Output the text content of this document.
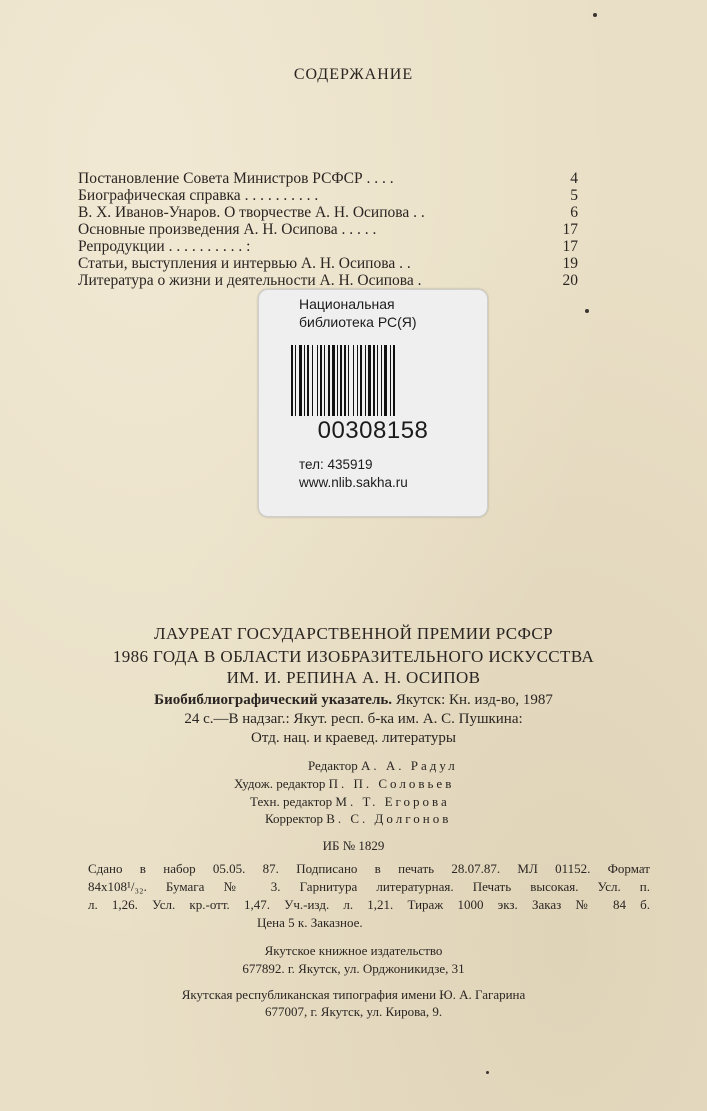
СОДЕРЖАНИЕ
Постановление Совета Министров РСФСР . . . .	4
Биографическая справка . . . . . . . . . .	5
В. Х. Иванов-Унаров. О творчестве А. Н. Осипова . .	6
Основные произведения А. Н. Осипова . . . . .	17
Репродукции . . . . . . . . . . :	17
Статьи, выступления и интервью А. Н. Осипова . .	19
Литература о жизни и деятельности А. Н. Осипова .	20
Национальная
библиотека РС(Я)
00308158
тел: 435919
www.nlib.sakha.ru
ЛАУРЕАТ ГОСУДАРСТВЕННОЙ ПРЕМИИ РСФСР
1986 ГОДА В ОБЛАСТИ ИЗОБРАЗИТЕЛЬНОГО ИСКУССТВА
ИМ. И. РЕПИНА А. Н. ОСИПОВ
Биобиблиографический указатель. Якутск: Кн. изд-во, 1987
24 с.—В надзаг.: Якут. респ. б-ка им. А. С. Пушкина:
Отд. нац. и краевед. литературы
Редактор А. А. Радул
Худож. редактор П. П. Соловьев
Техн. редактор М. Т. Егорова
Корректор В. С. Долгонов
ИБ № 1829
Сдано в набор 05.05. 87. Подписано в печать 28.07.87. МЛ 01152. Формат
84x108¹/₃₂. Бумага № 3. Гарнитура литературная. Печать высокая. Усл. п.
л. 1,26. Усл. кр.-отт. 1,47. Уч.-изд. л. 1,21. Тираж 1000 экз. Заказ № 84 б.
Цена 5 к. Заказное.
Якутское книжное издательство
677892. г. Якутск, ул. Орджоникидзе, 31
Якутская республиканская типография имени Ю. А. Гагарина
677007, г. Якутск, ул. Кирова, 9.
